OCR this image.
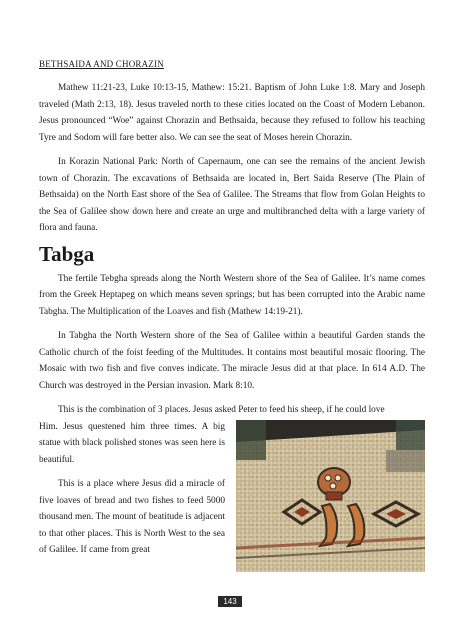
BETHSAIDA AND CHORAZIN

Mathew 11:21-23, Luke 10:13-15, Mathew: 15:21. Baptism of John Luke 1:8. Mary and Joseph traveled (Math 2:13, 18). Jesus traveled north to these cities located on the Coast of Modern Lebanon. Jesus pronounced “Woe” against Chorazin and Bethsaida, because they refused to follow his teaching Tyre and Sodom will fare better also. We can see the seat of Moses herein Chorazin.

In Korazin National Park: North of Capernaum, one can see the remains of the ancient Jewish town of Chorazin. The excavations of Bethsaida are located in, Bert Saida Reserve (The Plain of Bethsaida) on the North East shore of the Sea of Galilee. The Streams that flow from Golan Heights to the Sea of Galilee show down here and create an urge and multibranched delta with a large variety of flora and fauna.

Tabga

The fertile Tebgha spreads along the North Western shore of the Sea of Galilee. It’s name comes from the Greek Heptapeg on which means seven springs; but has been corrupted into the Arabic name Tabgha. The Multiplication of the Loaves and fish (Mathew 14:19-21).

In Tabgha the North Western shore of the Sea of Galilee within a beautiful Garden stands the Catholic church of the foist feeding of the Multitudes. It contains most beautiful mosaic flooring. The Mosaic with two fish and five conves indicate. The miracle Jesus did at that place. In 614 A.D. The Church was destroyed in the Persian invasion. Mark 8:10.

This is the combination of 3 places. Jesus asked Peter to feed his sheep, if he could love

Him. Jesus questened him three times. A big statue with black polished stones was seen here is beautiful.

This is a place where Jesus did a miracle of five loaves of bread and two fishes to feed 5000 thousand men. The mount of beatitude is adjacent to that other places. This is North West to the sea of Galilee. If came from great

143
